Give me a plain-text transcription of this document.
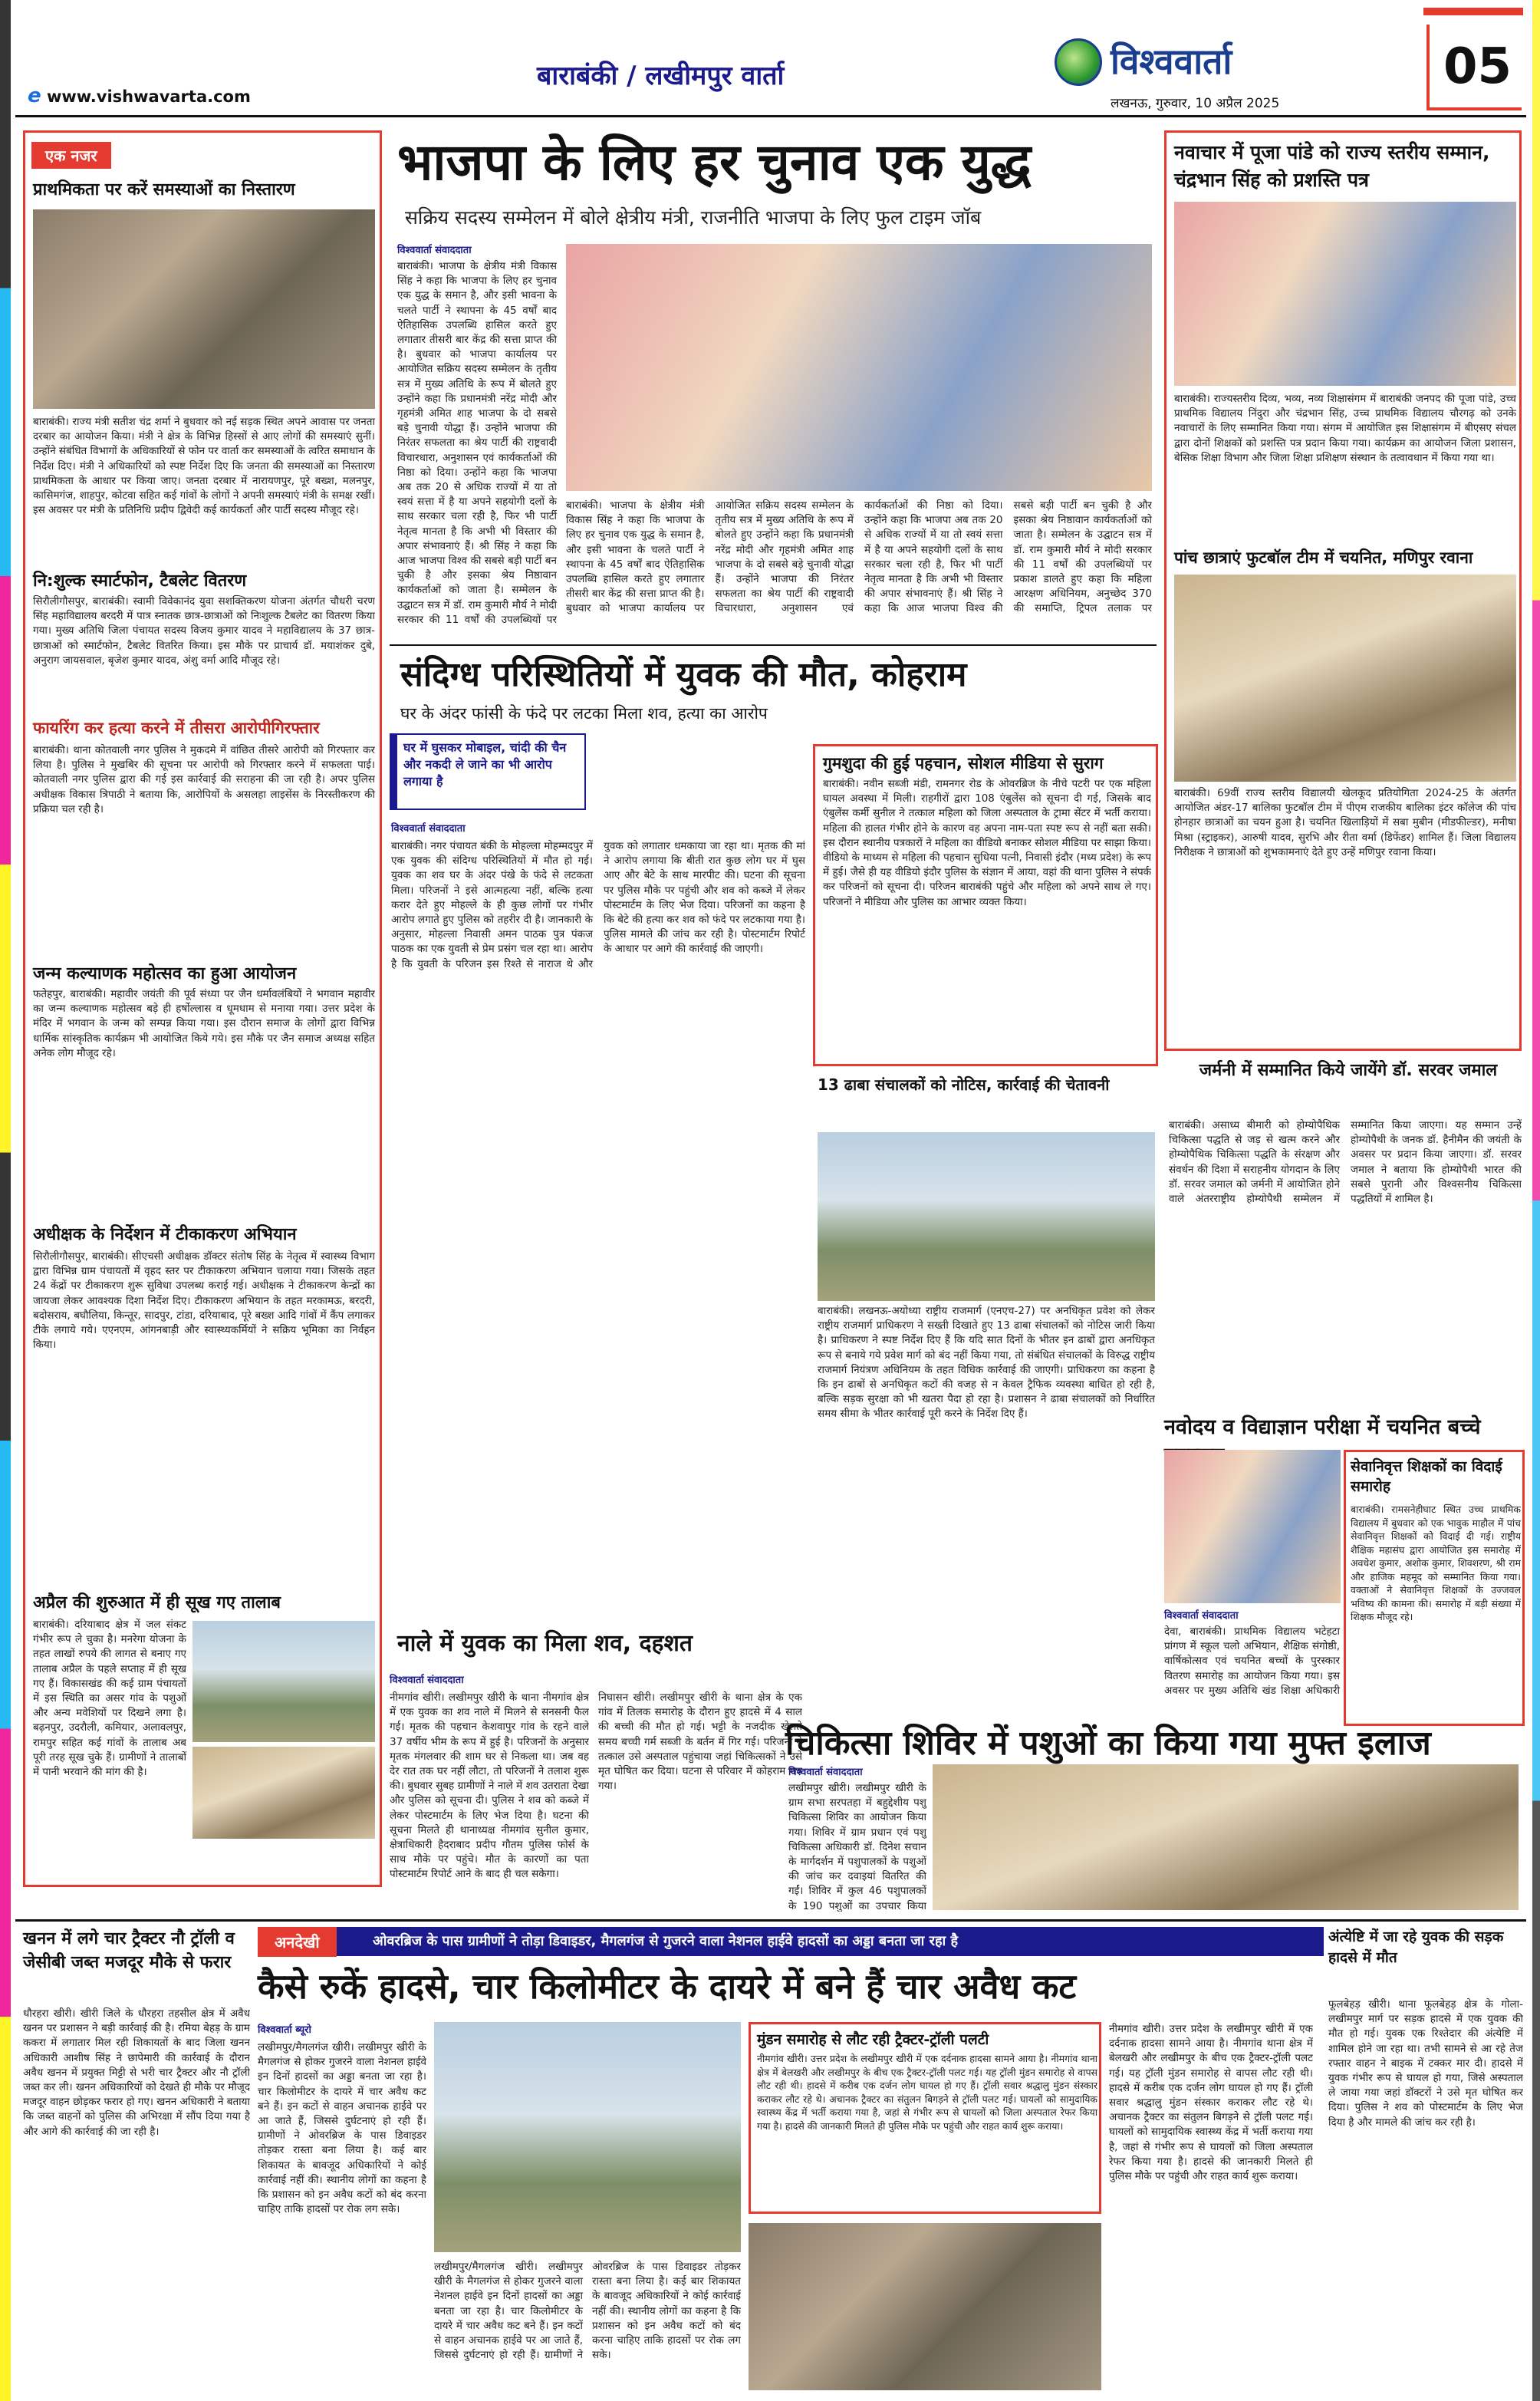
e www.vishwavarta.com
बाराबंकी / लखीमपुर वार्ता	विश्ववार्ता
लखनऊ, गुरुवार, 10 अप्रैल 2025
05
एक नजर
प्राथमिकता पर करें समस्याओं का निस्तारण
बाराबंकी। राज्य मंत्री सतीश चंद्र शर्मा ने बुधवार को नई सड़क स्थित अपने आवास पर जनता दरबार का आयोजन किया। मंत्री ने क्षेत्र के विभिन्न हिस्सों से आए लोगों की समस्याएं सुनीं। उन्होंने संबंधित विभागों के अधिकारियों से फोन पर वार्ता कर समस्याओं के त्वरित समाधान के निर्देश दिए। मंत्री ने अधिकारियों को स्पष्ट निर्देश दिए कि जनता की समस्याओं का निस्तारण प्राथमिकता के आधार पर किया जाए। जनता दरबार में नारायणपुर, पूरे बख्श, मलनपुर, कासिमगंज, शाहपुर, कोटवा सहित कई गांवों के लोगों ने अपनी समस्याएं मंत्री के समक्ष रखीं। इस अवसर पर मंत्री के प्रतिनिधि प्रदीप द्विवेदी कई कार्यकर्ता और पार्टी सदस्य मौजूद रहे।
नि:शुल्क स्मार्टफोन, टैबलेट वितरण
सिरौलीगौसपुर, बाराबंकी। स्वामी विवेकानंद युवा सशक्तिकरण योजना अंतर्गत चौधरी चरण सिंह महाविद्यालय बरदरी में पात्र स्नातक छात्र-छात्राओं को निःशुल्क टैबलेट का वितरण किया गया। मुख्य अतिथि जिला पंचायत सदस्य विजय कुमार यादव ने महाविद्यालय के 37 छात्र-छात्राओं को स्मार्टफोन, टैबलेट वितरित किया। इस मौके पर प्राचार्य डॉ. मयाशंकर दुबे, अनुराग जायसवाल, बृजेश कुमार यादव, अंशु वर्मा आदि मौजूद रहे।
फायरिंग कर हत्या करने में तीसरा आरोपीगिरफ्तार
बाराबंकी। थाना कोतवाली नगर पुलिस ने मुकदमे में वांछित तीसरे आरोपी को गिरफ्तार कर लिया है। पुलिस ने मुखबिर की सूचना पर आरोपी को गिरफ्तार करने में सफलता पाई। कोतवाली नगर पुलिस द्वारा की गई इस कार्रवाई की सराहना की जा रही है। अपर पुलिस अधीक्षक विकास त्रिपाठी ने बताया कि, आरोपियों के असलहा लाइसेंस के निरस्तीकरण की प्रक्रिया चल रही है।
जन्म कल्याणक महोत्सव का हुआ आयोजन
फतेहपुर, बाराबंकी। महावीर जयंती की पूर्व संध्या पर जैन धर्मावलंबियों ने भगवान महावीर का जन्म कल्याणक महोत्सव बड़े ही हर्षोल्लास व धूमधाम से मनाया गया। उत्तर प्रदेश के मंदिर में भगवान के जन्म को सम्पन्न किया गया। इस दौरान समाज के लोगों द्वारा विभिन्न धार्मिक सांस्कृतिक कार्यक्रम भी आयोजित किये गये। इस मौके पर जैन समाज अध्यक्ष सहित अनेक लोग मौजूद रहे।
अधीक्षक के निर्देशन में टीकाकरण अभियान
सिरौलीगौसपुर, बाराबंकी। सीएचसी अधीक्षक डॉक्टर संतोष सिंह के नेतृत्व में स्वास्थ्य विभाग द्वारा विभिन्न ग्राम पंचायतों में वृहद स्तर पर टीकाकरण अभियान चलाया गया। जिसके तहत 24 केंद्रों पर टीकाकरण शुरू सुविधा उपलब्ध कराई गई। अधीक्षक ने टीकाकरण केन्द्रों का जायजा लेकर आवश्यक दिशा निर्देश दिए। टीकाकरण अभियान के तहत मरकामऊ, बरदरी, बदोसराय, बघौलिया, किन्तूर, सादपुर, टांडा, दरियाबाद, पूरे बख्श आदि गांवों में कैंप लगाकर टीके लगाये गये। एएनएम, आंगनबाड़ी और स्वास्थ्यकर्मियों ने सक्रिय भूमिका का निर्वहन किया।
अप्रैल की शुरुआत में ही सूख गए तालाब
बाराबंकी। दरियाबाद क्षेत्र में जल संकट गंभीर रूप ले चुका है। मनरेगा योजना के तहत लाखों रुपये की लागत से बनाए गए तालाब अप्रैल के पहले सप्ताह में ही सूख गए हैं। विकासखंड की कई ग्राम पंचायतों में इस स्थिति का असर गांव के पशुओं और अन्य मवेशियों पर दिखने लगा है। बढ़नपुर, उदरौली, कमियार, अलावलपुर, रामपुर सहित कई गांवों के तालाब अब पूरी तरह सूख चुके हैं। ग्रामीणों ने तालाबों में पानी भरवाने की मांग की है।
भाजपा के लिए हर चुनाव एक युद्ध
सक्रिय सदस्य सम्मेलन में बोले क्षेत्रीय मंत्री, राजनीति भाजपा के लिए फुल टाइम जॉब
विश्ववार्ता संवाददाता
बाराबंकी। भाजपा के क्षेत्रीय मंत्री विकास सिंह ने कहा कि भाजपा के लिए हर चुनाव एक युद्ध के समान है, और इसी भावना के चलते पार्टी ने स्थापना के 45 वर्षों बाद ऐतिहासिक उपलब्धि हासिल करते हुए लगातार तीसरी बार केंद्र की सत्ता प्राप्त की है। बुधवार को भाजपा कार्यालय पर आयोजित सक्रिय सदस्य सम्मेलन के तृतीय सत्र में मुख्य अतिथि के रूप में बोलते हुए उन्होंने कहा कि प्रधानमंत्री नरेंद्र मोदी और गृहमंत्री अमित शाह भाजपा के दो सबसे बड़े चुनावी योद्धा हैं। उन्होंने भाजपा की निरंतर सफलता का श्रेय पार्टी की राष्ट्रवादी विचारधारा, अनुशासन एवं कार्यकर्ताओं की निष्ठा को दिया। उन्होंने कहा कि भाजपा अब तक 20 से अधिक राज्यों में या तो स्वयं सत्ता में है या अपने सहयोगी दलों के साथ सरकार चला रही है, फिर भी पार्टी नेतृत्व मानता है कि अभी भी विस्तार की अपार संभावनाएं हैं। श्री सिंह ने कहा कि आज भाजपा विश्व की सबसे बड़ी पार्टी बन चुकी है और इसका श्रेय निष्ठावान कार्यकर्ताओं को जाता है। सम्मेलन के उद्घाटन सत्र में डॉ. राम कुमारी मौर्य ने मोदी सरकार की 11 वर्षों की उपलब्धियों पर
बाराबंकी। भाजपा के क्षेत्रीय मंत्री विकास सिंह ने कहा कि भाजपा के लिए हर चुनाव एक युद्ध के समान है, और इसी भावना के चलते पार्टी ने स्थापना के 45 वर्षों बाद ऐतिहासिक उपलब्धि हासिल करते हुए लगातार तीसरी बार केंद्र की सत्ता प्राप्त की है। बुधवार को भाजपा कार्यालय पर आयोजित सक्रिय सदस्य सम्मेलन के तृतीय सत्र में मुख्य अतिथि के रूप में बोलते हुए उन्होंने कहा कि प्रधानमंत्री नरेंद्र मोदी और गृहमंत्री अमित शाह भाजपा के दो सबसे बड़े चुनावी योद्धा हैं। उन्होंने भाजपा की निरंतर सफलता का श्रेय पार्टी की राष्ट्रवादी विचारधारा, अनुशासन एवं कार्यकर्ताओं की निष्ठा को दिया। उन्होंने कहा कि भाजपा अब तक 20 से अधिक राज्यों में या तो स्वयं सत्ता में है या अपने सहयोगी दलों के साथ सरकार चला रही है, फिर भी पार्टी नेतृत्व मानता है कि अभी भी विस्तार की अपार संभावनाएं हैं। श्री सिंह ने कहा कि आज भाजपा विश्व की सबसे बड़ी पार्टी बन चुकी है और इसका श्रेय निष्ठावान कार्यकर्ताओं को जाता है। सम्मेलन के उद्घाटन सत्र में डॉ. राम कुमारी मौर्य ने मोदी सरकार की 11 वर्षों की उपलब्धियों पर प्रकाश डालते हुए कहा कि महिला आरक्षण अधिनियम, अनुच्छेद 370 की समाप्ति, ट्रिपल तलाक पर
नवाचार में पूजा पांडे को राज्य स्तरीय सम्मान, चंद्रभान सिंह को प्रशस्ति पत्र
बाराबंकी। राज्यस्तरीय दिव्य, भव्य, नव्य शिक्षासंगम में बाराबंकी जनपद की पूजा पांडे, उच्च प्राथमिक विद्यालय निंदुरा और चंद्रभान सिंह, उच्च प्राथमिक विद्यालय चौरगढ़ को उनके नवाचारों के लिए सम्मानित किया गया। संगम में आयोजित इस शिक्षासंगम में बीएसए संचल द्वारा दोनों शिक्षकों को प्रशस्ति पत्र प्रदान किया गया। कार्यक्रम का आयोजन जिला प्रशासन, बेसिक शिक्षा विभाग और जिला शिक्षा प्रशिक्षण संस्थान के तत्वावधान में किया गया था।
पांच छात्राएं फुटबॉल टीम में चयनित, मणिपुर रवाना
बाराबंकी। 69वीं राज्य स्तरीय विद्यालयी खेलकूद प्रतियोगिता 2024-25 के अंतर्गत आयोजित अंडर-17 बालिका फुटबॉल टीम में पीएम राजकीय बालिका इंटर कॉलेज की पांच होनहार छात्राओं का चयन हुआ है। चयनित खिलाड़ियों में सबा मुबीन (मीडफील्डर), मनीषा मिश्रा (स्ट्राइकर), आरुषी यादव, सुरभि और रीता वर्मा (डिफेंडर) शामिल हैं। जिला विद्यालय निरीक्षक ने छात्राओं को शुभकामनाएं देते हुए उन्हें मणिपुर रवाना किया।
संदिग्ध परिस्थितियों में युवक की मौत, कोहराम
घर के अंदर फांसी के फंदे पर लटका मिला शव, हत्या का आरोप
घर में घुसकर मोबाइल, चांदी की चैन और नकदी ले जाने का भी आरोप लगाया है
विश्ववार्ता संवाददाता
बाराबंकी। नगर पंचायत बंकी के मोहल्ला मोहम्मदपुर में एक युवक की संदिग्ध परिस्थितियों में मौत हो गई। युवक का शव घर के अंदर पंखे के फंदे से लटकता मिला। परिजनों ने इसे आत्महत्या नहीं, बल्कि हत्या करार देते हुए मोहल्ले के ही कुछ लोगों पर गंभीर आरोप लगाते हुए पुलिस को तहरीर दी है। जानकारी के अनुसार, मोहल्ला निवासी अमन पाठक पुत्र पंकज पाठक का एक युवती से प्रेम प्रसंग चल रहा था। आरोप है कि युवती के परिजन इस रिश्ते से नाराज थे और युवक को लगातार धमकाया जा रहा था। मृतक की मां ने आरोप लगाया कि बीती रात कुछ लोग घर में घुस आए और बेटे के साथ मारपीट की। घटना की सूचना पर पुलिस मौके पर पहुंची और शव को कब्जे में लेकर पोस्टमार्टम के लिए भेज दिया। परिजनों का कहना है कि बेटे की हत्या कर शव को फंदे पर लटकाया गया है। पुलिस मामले की जांच कर रही है। पोस्टमार्टम रिपोर्ट के आधार पर आगे की कार्रवाई की जाएगी।
गुमशुदा की हुई पहचान, सोशल मीडिया से सुराग
बाराबंकी। नवीन सब्जी मंडी, रामनगर रोड के ओवरब्रिज के नीचे पटरी पर एक महिला घायल अवस्था में मिली। राहगीरों द्वारा 108 एंबुलेंस को सूचना दी गई, जिसके बाद एंबुलेंस कर्मी सुनील ने तत्काल महिला को जिला अस्पताल के ट्रामा सेंटर में भर्ती कराया। महिला की हालत गंभीर होने के कारण वह अपना नाम-पता स्पष्ट रूप से नहीं बता सकी। इस दौरान स्थानीय पत्रकारों ने महिला का वीडियो बनाकर सोशल मीडिया पर साझा किया। वीडियो के माध्यम से महिला की पहचान सुधिया पत्नी, निवासी इंदौर (मध्य प्रदेश) के रूप में हुई। जैसे ही यह वीडियो इंदौर पुलिस के संज्ञान में आया, वहां की थाना पुलिस ने संपर्क कर परिजनों को सूचना दी। परिजन बाराबंकी पहुंचे और महिला को अपने साथ ले गए। परिजनों ने मीडिया और पुलिस का आभार व्यक्त किया।
13 ढाबा संचालकों को नोटिस, कार्रवाई की चेतावनी
बाराबंकी। लखनऊ-अयोध्या राष्ट्रीय राजमार्ग (एनएच-27) पर अनधिकृत प्रवेश को लेकर राष्ट्रीय राजमार्ग प्राधिकरण ने सख्ती दिखाते हुए 13 ढाबा संचालकों को नोटिस जारी किया है। प्राधिकरण ने स्पष्ट निर्देश दिए हैं कि यदि सात दिनों के भीतर इन ढाबों द्वारा अनधिकृत रूप से बनाये गये प्रवेश मार्ग को बंद नहीं किया गया, तो संबंधित संचालकों के विरुद्ध राष्ट्रीय राजमार्ग नियंत्रण अधिनियम के तहत विधिक कार्रवाई की जाएगी। प्राधिकरण का कहना है कि इन ढाबों से अनधिकृत कटों की वजह से न केवल ट्रैफिक व्यवस्था बाधित हो रही है, बल्कि सड़क सुरक्षा को भी खतरा पैदा हो रहा है। प्रशासन ने ढाबा संचालकों को निर्धारित समय सीमा के भीतर कार्रवाई पूरी करने के निर्देश दिए हैं।
जर्मनी में सम्मानित किये जायेंगे डॉ. सरवर जमाल
बाराबंकी। असाध्य बीमारी को होम्योपैथिक चिकित्सा पद्धति से जड़ से खत्म करने और होम्योपैथिक चिकित्सा पद्धति के संरक्षण और संवर्धन की दिशा में सराहनीय योगदान के लिए डॉ. सरवर जमाल को जर्मनी में आयोजित होने वाले अंतरराष्ट्रीय होम्योपैथी सम्मेलन में सम्मानित किया जाएगा। यह सम्मान उन्हें होम्योपैथी के जनक डॉ. हैनीमैन की जयंती के अवसर पर प्रदान किया जाएगा। डॉ. सरवर जमाल ने बताया कि होम्योपैथी भारत की सबसे पुरानी और विश्वसनीय चिकित्सा पद्धतियों में शामिल है।
नवोदय व विद्याज्ञान परीक्षा में चयनित बच्चे
विश्ववार्ता संवाददाता
देवा, बाराबंकी। प्राथमिक विद्यालय भटेहटा प्रांगण में स्कूल चलो अभियान, शैक्षिक संगोष्ठी, वार्षिकोत्सव एवं चयनित बच्चों के पुरस्कार वितरण समारोह का आयोजन किया गया। इस अवसर पर मुख्य अतिथि खंड शिक्षा अधिकारी
सेवानिवृत्त शिक्षकों का विदाई समारोह
बाराबंकी। रामसनेहीघाट स्थित उच्च प्राथमिक विद्यालय में बुधवार को एक भावुक माहौल में पांच सेवानिवृत्त शिक्षकों को विदाई दी गई। राष्ट्रीय शैक्षिक महासंघ द्वारा आयोजित इस समारोह में अवधेश कुमार, अशोक कुमार, शिवशरण, श्री राम और हाजिक महमूद को सम्मानित किया गया। वक्ताओं ने सेवानिवृत्त शिक्षकों के उज्जवल भविष्य की कामना की। समारोह में बड़ी संख्या में शिक्षक मौजूद रहे।
नाले में युवक का मिला शव, दहशत
विश्ववार्ता संवाददाता
नीमगांव खीरी। लखीमपुर खीरी के थाना नीमगांव क्षेत्र में एक युवक का शव नाले में मिलने से सनसनी फैल गई। मृतक की पहचान केशवापुर गांव के रहने वाले 37 वर्षीय भीम के रूप में हुई है। परिजनों के अनुसार मृतक मंगलवार की शाम घर से निकला था। जब वह देर रात तक घर नहीं लौटा, तो परिजनों ने तलाश शुरू की। बुधवार सुबह ग्रामीणों ने नाले में शव उतराता देखा और पुलिस को सूचना दी। पुलिस ने शव को कब्जे में लेकर पोस्टमार्टम के लिए भेज दिया है। घटना की सूचना मिलते ही थानाध्यक्ष नीमगांव सुनील कुमार, क्षेत्राधिकारी हैदराबाद प्रदीप गौतम पुलिस फोर्स के साथ मौके पर पहुंचे। मौत के कारणों का पता पोस्टमार्टम रिपोर्ट आने के बाद ही चल सकेगा।
निघासन खीरी। लखीमपुर खीरी के थाना क्षेत्र के एक गांव में तिलक समारोह के दौरान हुए हादसे में 4 साल की बच्ची की मौत हो गई। भट्टी के नजदीक खेलते समय बच्ची गर्म सब्जी के बर्तन में गिर गई। परिजनों ने तत्काल उसे अस्पताल पहुंचाया जहां चिकित्सकों ने उसे मृत घोषित कर दिया। घटना से परिवार में कोहराम मच गया।
चिकित्सा शिविर में पशुओं का किया गया मुफ्त इलाज
विश्ववार्ता संवाददाता
लखीमपुर खीरी। लखीमपुर खीरी के ग्राम सभा सरपतहा में बहुद्देशीय पशु चिकित्सा शिविर का आयोजन किया गया। शिविर में ग्राम प्रधान एवं पशु चिकित्सा अधिकारी डॉ. दिनेश सचान के मार्गदर्शन में पशुपालकों के पशुओं की जांच कर दवाइयां वितरित की गईं। शिविर में कुल 46 पशुपालकों के 190 पशुओं का उपचार किया
खनन में लगे चार ट्रैक्टर नौ ट्रॉली व जेसीबी जब्त मजदूर मौके से फरार
धौरहरा खीरी। खीरी जिले के धौरहरा तहसील क्षेत्र में अवैध खनन पर प्रशासन ने बड़ी कार्रवाई की है। रमिया बेहड़ के ग्राम ककरा में लगातार मिल रही शिकायतों के बाद जिला खनन अधिकारी आशीष सिंह ने छापेमारी की कार्रवाई के दौरान अवैध खनन में प्रयुक्त मिट्टी से भरी चार ट्रैक्टर और नौ ट्रॉली जब्त कर ली। खनन अधिकारियों को देखते ही मौके पर मौजूद मजदूर वाहन छोड़कर फरार हो गए। खनन अधिकारी ने बताया कि जब्त वाहनों को पुलिस की अभिरक्षा में सौंप दिया गया है और आगे की कार्रवाई की जा रही है।
अनदेखी	ओवरब्रिज के पास ग्रामीणों ने तोड़ा डिवाइडर, मैगलगंज से गुजरने वाला नेशनल हाईवे हादसों का अड्डा बनता जा रहा है
कैसे रुकें हादसे, चार किलोमीटर के दायरे में बने हैं चार अवैध कट
विश्ववार्ता ब्यूरो
लखीमपुर/मैगलगंज खीरी। लखीमपुर खीरी के मैगलगंज से होकर गुजरने वाला नेशनल हाईवे इन दिनों हादसों का अड्डा बनता जा रहा है। चार किलोमीटर के दायरे में चार अवैध कट बने हैं। इन कटों से वाहन अचानक हाईवे पर आ जाते हैं, जिससे दुर्घटनाएं हो रही हैं। ग्रामीणों ने ओवरब्रिज के पास डिवाइडर तोड़कर रास्ता बना लिया है। कई बार शिकायत के बावजूद अधिकारियों ने कोई कार्रवाई नहीं की। स्थानीय लोगों का कहना है कि प्रशासन को इन अवैध कटों को बंद करना चाहिए ताकि हादसों पर रोक लग सके।
लखीमपुर/मैगलगंज खीरी। लखीमपुर खीरी के मैगलगंज से होकर गुजरने वाला नेशनल हाईवे इन दिनों हादसों का अड्डा बनता जा रहा है। चार किलोमीटर के दायरे में चार अवैध कट बने हैं। इन कटों से वाहन अचानक हाईवे पर आ जाते हैं, जिससे दुर्घटनाएं हो रही हैं। ग्रामीणों ने ओवरब्रिज के पास डिवाइडर तोड़कर रास्ता बना लिया है। कई बार शिकायत के बावजूद अधिकारियों ने कोई कार्रवाई नहीं की। स्थानीय लोगों का कहना है कि प्रशासन को इन अवैध कटों को बंद करना चाहिए ताकि हादसों पर रोक लग सके।
मुंडन समारोह से लौट रही ट्रैक्टर-ट्रॉली पलटी
नीमगांव खीरी। उत्तर प्रदेश के लखीमपुर खीरी में एक दर्दनाक हादसा सामने आया है। नीमगांव थाना क्षेत्र में बेलखरी और लखीमपुर के बीच एक ट्रैक्टर-ट्रॉली पलट गई। यह ट्रॉली मुंडन समारोह से वापस लौट रही थी। हादसे में करीब एक दर्जन लोग घायल हो गए हैं। ट्रॉली सवार श्रद्धालु मुंडन संस्कार कराकर लौट रहे थे। अचानक ट्रैक्टर का संतुलन बिगड़ने से ट्रॉली पलट गई। घायलों को सामुदायिक स्वास्थ्य केंद्र में भर्ती कराया गया है, जहां से गंभीर रूप से घायलों को जिला अस्पताल रेफर किया गया है। हादसे की जानकारी मिलते ही पुलिस मौके पर पहुंची और राहत कार्य शुरू कराया।
नीमगांव खीरी। उत्तर प्रदेश के लखीमपुर खीरी में एक दर्दनाक हादसा सामने आया है। नीमगांव थाना क्षेत्र में बेलखरी और लखीमपुर के बीच एक ट्रैक्टर-ट्रॉली पलट गई। यह ट्रॉली मुंडन समारोह से वापस लौट रही थी। हादसे में करीब एक दर्जन लोग घायल हो गए हैं। ट्रॉली सवार श्रद्धालु मुंडन संस्कार कराकर लौट रहे थे। अचानक ट्रैक्टर का संतुलन बिगड़ने से ट्रॉली पलट गई। घायलों को सामुदायिक स्वास्थ्य केंद्र में भर्ती कराया गया है, जहां से गंभीर रूप से घायलों को जिला अस्पताल रेफर किया गया है। हादसे की जानकारी मिलते ही पुलिस मौके पर पहुंची और राहत कार्य शुरू कराया।
अंत्येष्टि में जा रहे युवक की सड़क हादसे में मौत
फूलबेहड़ खीरी। थाना फूलबेहड़ क्षेत्र के गोला-लखीमपुर मार्ग पर सड़क हादसे में एक युवक की मौत हो गई। युवक एक रिश्तेदार की अंत्येष्टि में शामिल होने जा रहा था। तभी सामने से आ रहे तेज रफ्तार वाहन ने बाइक में टक्कर मार दी। हादसे में युवक गंभीर रूप से घायल हो गया, जिसे अस्पताल ले जाया गया जहां डॉक्टरों ने उसे मृत घोषित कर दिया। पुलिस ने शव को पोस्टमार्टम के लिए भेज दिया है और मामले की जांच कर रही है।
